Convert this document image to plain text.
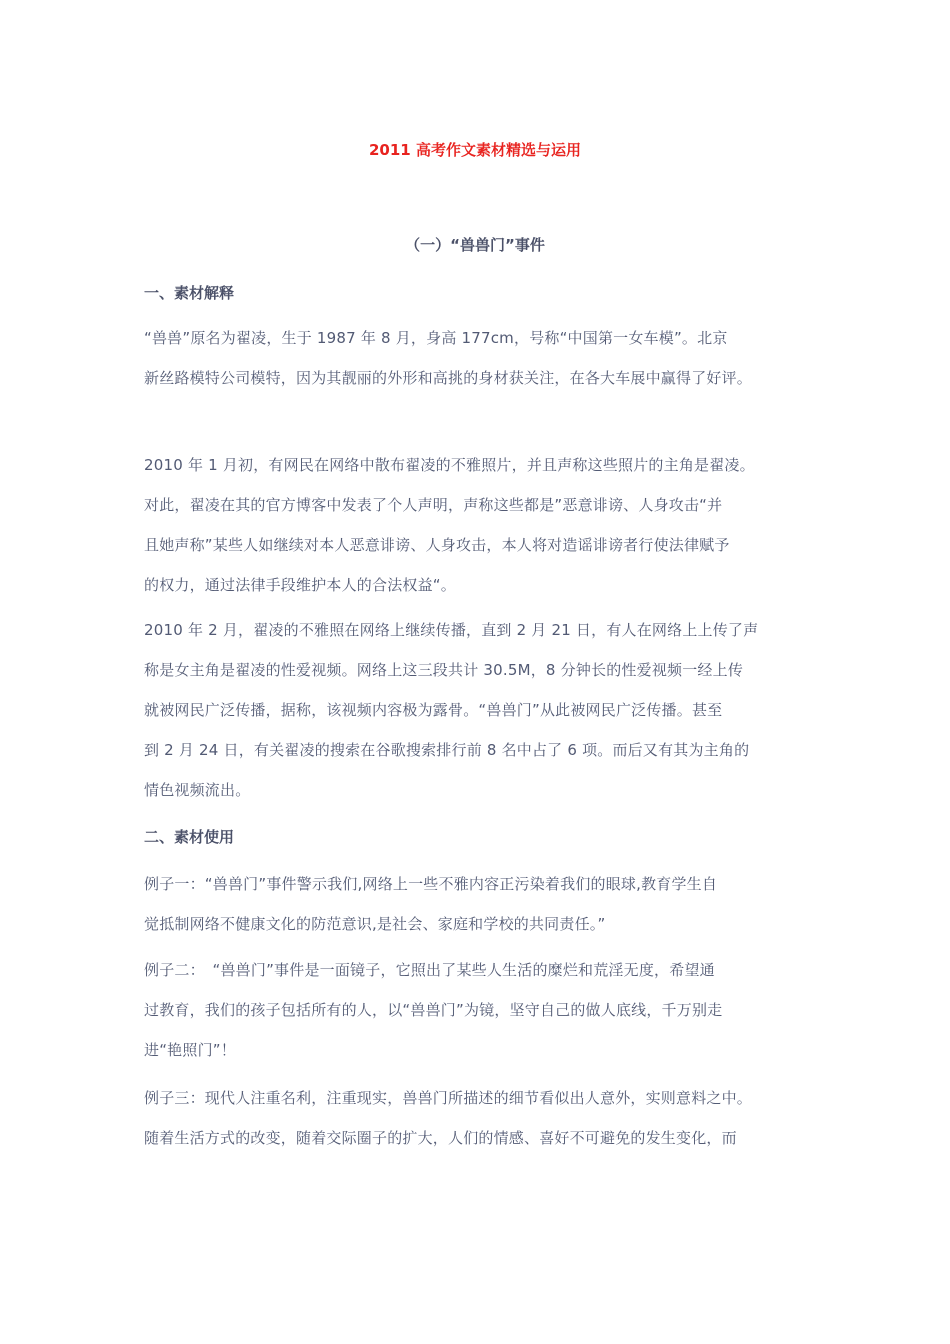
2011 高考作文素材精选与运用
（一）“兽兽门”事件
一、素材解释
“兽兽”原名为翟凌，生于 1987 年 8 月，身高 177cm，号称“中国第一女车模”。北京
新丝路模特公司模特，因为其靓丽的外形和高挑的身材获关注，在各大车展中赢得了好评。
2010 年 1 月初，有网民在网络中散布翟凌的不雅照片，并且声称这些照片的主角是翟凌。
对此，翟凌在其的官方博客中发表了个人声明，声称这些都是”恶意诽谤、人身攻击“并
且她声称”某些人如继续对本人恶意诽谤、人身攻击，本人将对造谣诽谤者行使法律赋予
的权力，通过法律手段维护本人的合法权益“。
2010 年 2 月，翟凌的不雅照在网络上继续传播，直到 2 月 21 日，有人在网络上上传了声
称是女主角是翟凌的性爱视频。网络上这三段共计 30.5M，8 分钟长的性爱视频一经上传
就被网民广泛传播，据称，该视频内容极为露骨。“兽兽门”从此被网民广泛传播。甚至
到 2 月 24 日，有关翟凌的搜索在谷歌搜索排行前 8 名中占了 6 项。而后又有其为主角的
情色视频流出。
二、素材使用
例子一：“兽兽门”事件警示我们,网络上一些不雅内容正污染着我们的眼球,教育学生自
觉抵制网络不健康文化的防范意识,是社会、家庭和学校的共同责任。”
例子二：　“兽兽门”事件是一面镜子，它照出了某些人生活的糜烂和荒淫无度，希望通
过教育，我们的孩子包括所有的人，以“兽兽门”为镜，坚守自己的做人底线，千万别走
进“艳照门”！
例子三：现代人注重名利，注重现实，兽兽门所描述的细节看似出人意外，实则意料之中。
随着生活方式的改变，随着交际圈子的扩大，人们的情感、喜好不可避免的发生变化，而
